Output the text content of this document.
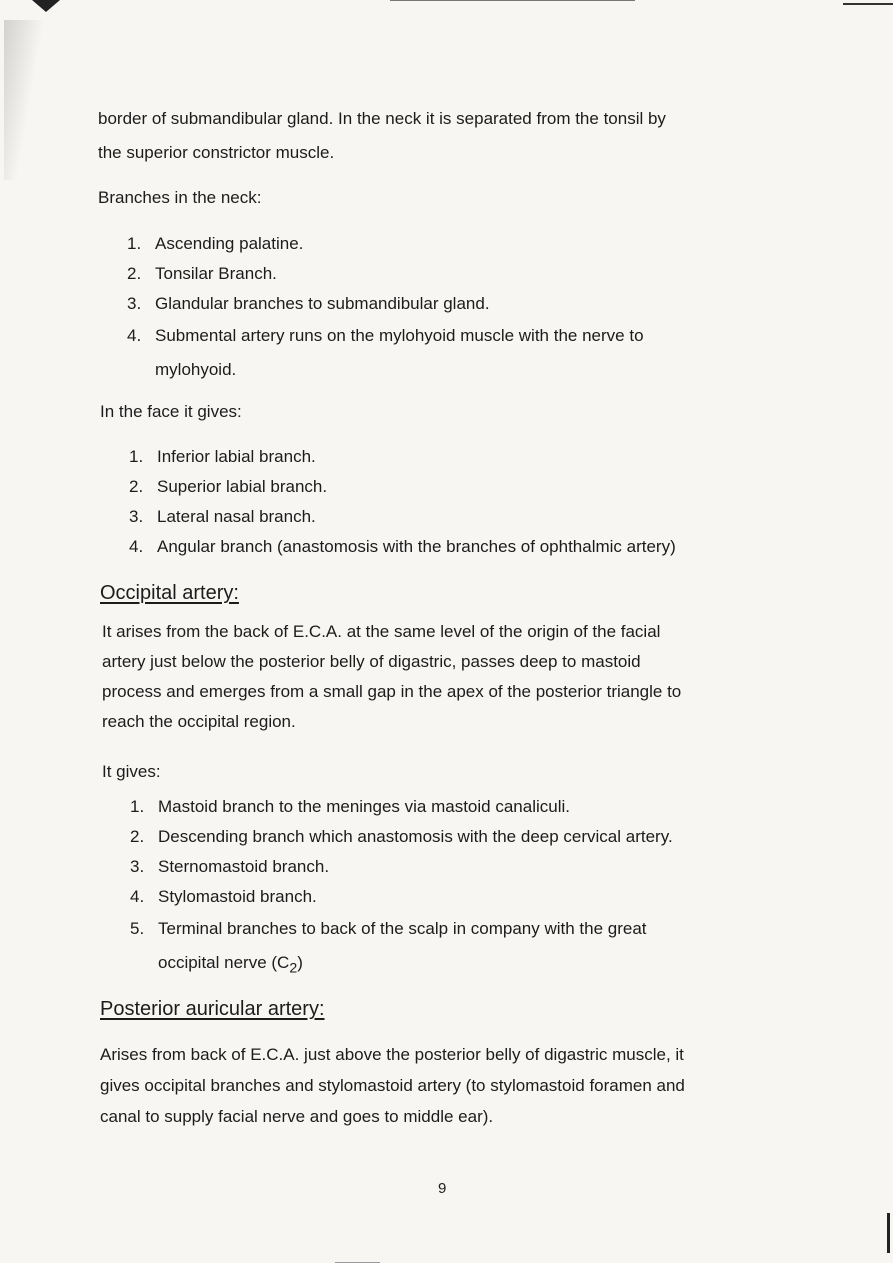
border of submandibular gland. In the neck it is separated from the tonsil by
the superior constrictor muscle.

Branches in the neck:

1. Ascending palatine.
2. Tonsilar Branch.
3. Glandular branches to submandibular gland.
4. Submental artery runs on the mylohyoid muscle with the nerve to
mylohyoid.

In the face it gives:

1. Inferior labial branch.
2. Superior labial branch.
3. Lateral nasal branch.
4. Angular branch (anastomosis with the branches of ophthalmic artery)
Occipital artery:

It arises from the back of E.C.A. at the same level of the origin of the facial
artery just below the posterior belly of digastric, passes deep to mastoid
process and emerges from a small gap in the apex of the posterior triangle to
reach the occipital region.

It gives:

1. Mastoid branch to the meninges via mastoid canaliculi.
2. Descending branch which anastomosis with the deep cervical artery.
3. Sternomastoid branch.
4. Stylomastoid branch.
5. Terminal branches to back of the scalp in company with the great
occipital nerve $(C_2)$
Posterior auricular artery:

Arises from back of E.C.A. just above the posterior belly of digastric muscle, it
gives occipital branches and stylomastoid artery (to stylomastoid foramen and
canal to supply facial nerve and goes to middle ear).

9
